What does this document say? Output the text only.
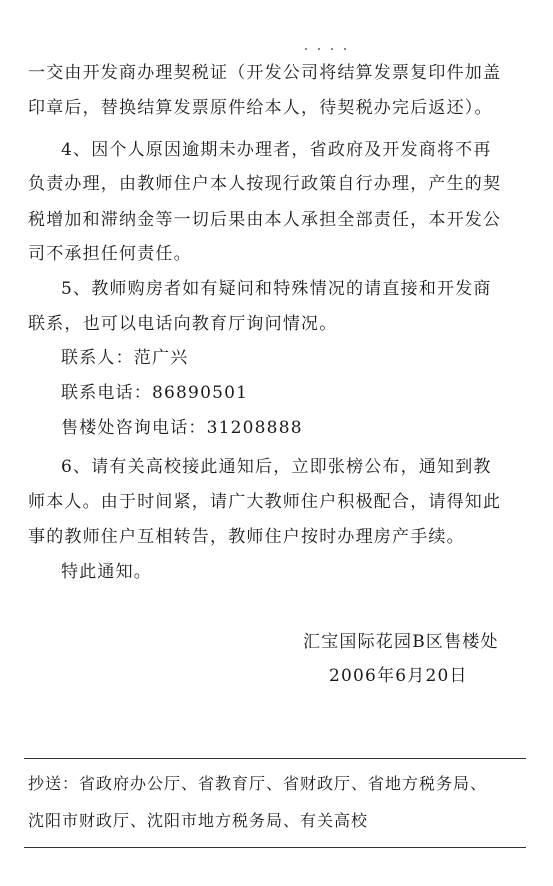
一交由开发商办理契税证（开发公司将结算发票复印件加盖
印章后，替换结算发票原件给本人，待契税办完后返还）。
4、因个人原因逾期未办理者，省政府及开发商将不再
负责办理，由教师住户本人按现行政策自行办理，产生的契
税增加和滞纳金等一切后果由本人承担全部责任，本开发公
司不承担任何责任。
5、教师购房者如有疑问和特殊情况的请直接和开发商
联系，也可以电话向教育厅询问情况。
联系人：范广兴
联系电话：86890501
售楼处咨询电话：31208888
6、请有关高校接此通知后，立即张榜公布，通知到教
师本人。由于时间紧，请广大教师住户积极配合，请得知此
事的教师住户互相转告，教师住户按时办理房产手续。
特此通知。
汇宝国际花园B区售楼处
2006年6月20日
抄送：省政府办公厅、省教育厅、省财政厅、省地方税务局、
沈阳市财政厅、沈阳市地方税务局、有关高校
